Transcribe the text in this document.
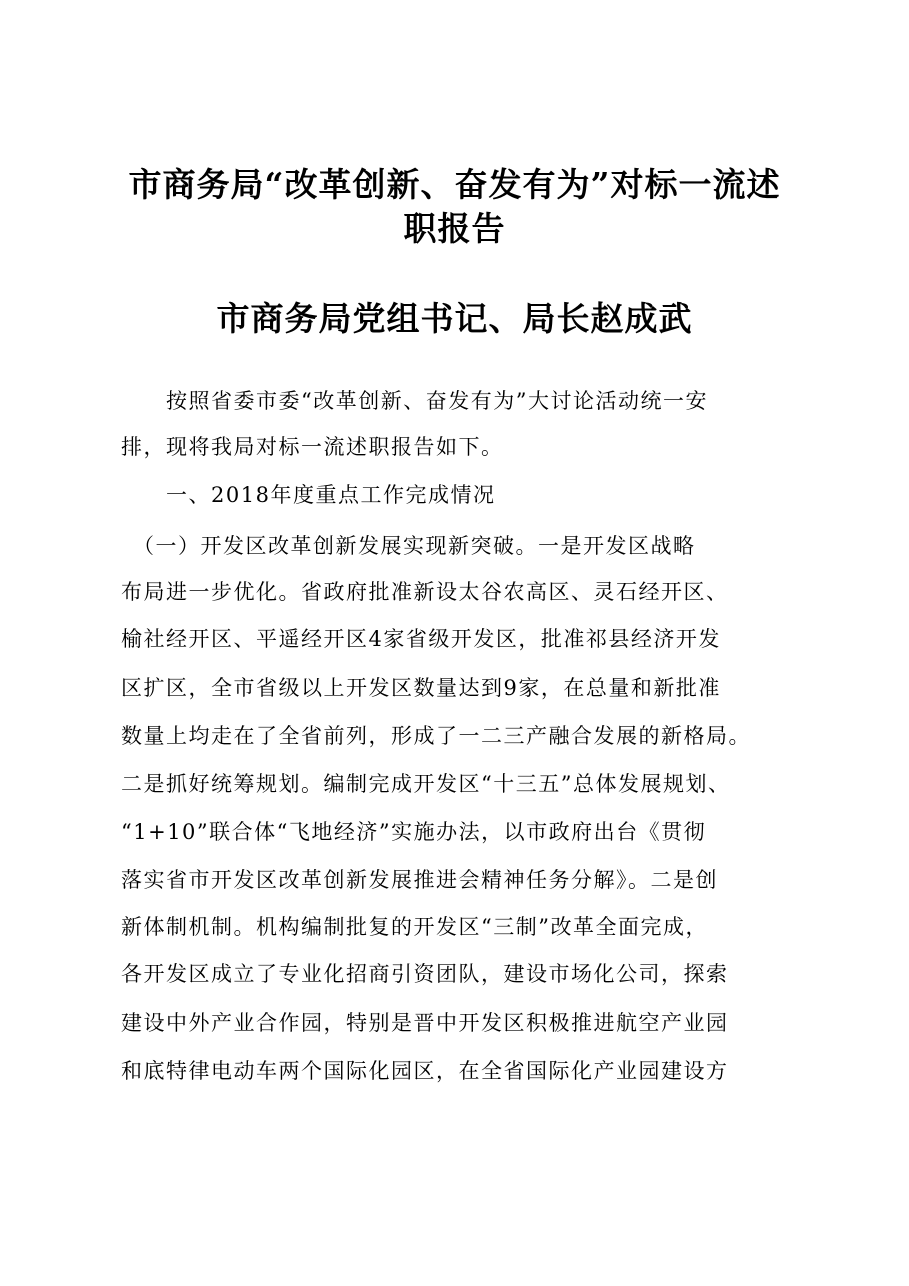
市商务局“改革创新、奋发有为”对标一流述
职报告
市商务局党组书记、局长赵成武
　　按照省委市委“改革创新、奋发有为”大讨论活动统一安
排，现将我局对标一流述职报告如下。
　　一、2018年度重点工作完成情况
　（一）开发区改革创新发展实现新突破。一是开发区战略
布局进一步优化。省政府批准新设太谷农高区、灵石经开区、
榆社经开区、平遥经开区4家省级开发区，批准祁县经济开发
区扩区，全市省级以上开发区数量达到9家，在总量和新批准
数量上均走在了全省前列，形成了一二三产融合发展的新格局。
二是抓好统筹规划。编制完成开发区“十三五”总体发展规划、
“1+10”联合体“飞地经济”实施办法，以市政府出台《贯彻
落实省市开发区改革创新发展推进会精神任务分解》。二是创
新体制机制。机构编制批复的开发区“三制”改革全面完成，
各开发区成立了专业化招商引资团队，建设市场化公司，探索
建设中外产业合作园，特别是晋中开发区积极推进航空产业园
和底特律电动车两个国际化园区，在全省国际化产业园建设方
